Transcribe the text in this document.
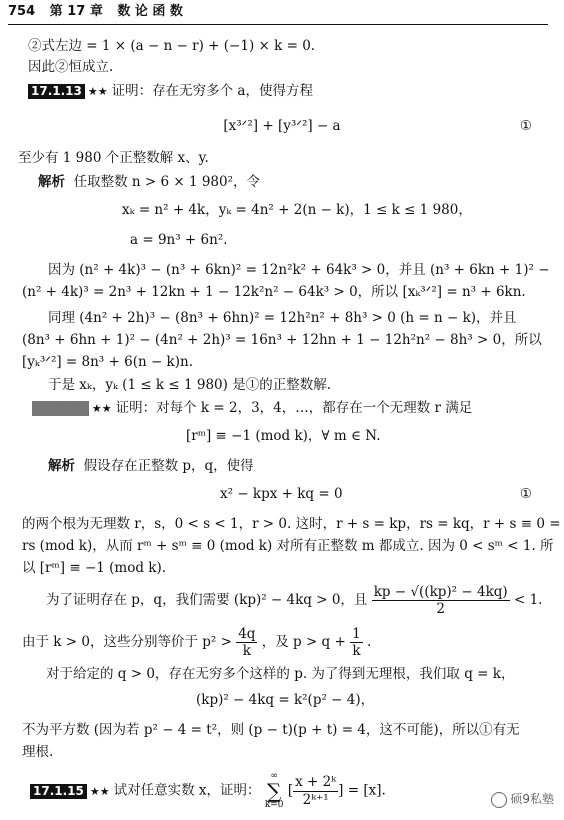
754 第 17 章 数 论 函 数
②式左边 = 1 × (a − n − r) + (−1) × k = 0.
因此②恒成立.
17.1.13 ★★ 证明：存在无穷多个 a，使得方程
[x³ᐟ²] + [y³ᐟ²] − a	①
至少有 1 980 个正整数解 x、y.
解析 任取整数 n > 6 × 1 980²，令
xₖ = n² + 4k，yₖ = 4n² + 2(n − k)，1 ≤ k ≤ 1 980，
a = 9n³ + 6n².
因为 (n² + 4k)³ − (n³ + 6kn)² = 12n²k² + 64k³ > 0，并且 (n³ + 6kn + 1)² −
(n² + 4k)³ = 2n³ + 12kn + 1 − 12k²n² − 64k³ > 0，所以 [xₖ³ᐟ²] = n³ + 6kn.
同理 (4n² + 2h)³ − (8n³ + 6hn)² = 12h²n² + 8h³ > 0 (h = n − k)，并且
(8n³ + 6hn + 1)² − (4n² + 2h)³ = 16n³ + 12hn + 1 − 12h²n² − 8h³ > 0，所以
[yₖ³ᐟ²] = 8n³ + 6(n − k)n.
于是 xₖ，yₖ (1 ≤ k ≤ 1 980) 是①的正整数解.
17.1.14 ★★ 证明：对每个 k = 2，3，4，…，都存在一个无理数 r 满足
[rᵐ] ≡ −1 (mod k)，∀ m ∈ N.
解析 假设存在正整数 p，q，使得
x² − kpx + kq = 0	①
的两个根为无理数 r，s，0 < s < 1，r > 0. 这时，r + s = kp，rs = kq，r + s ≡ 0 =
rs (mod k)，从而 rᵐ + sᵐ ≡ 0 (mod k) 对所有正整数 m 都成立. 因为 0 < sᵐ < 1. 所
以 [rᵐ] ≡ −1 (mod k).
为了证明存在 p，q，我们需要 (kp)² − 4kq > 0，且 $\frac{\text{kp − √((kp)² − 4kq)}}{2} < 1$.
由于 k > 0，这些分别等价于 $p^2 > \frac{4q}{k}$ ，及 $p > q + \frac{1}{k}$ .
对于给定的 q > 0，存在无穷多个这样的 p. 为了得到无理根，我们取 q = k，
(kp)² − 4kq = k²(p² − 4)，
不为平方数 (因为若 p² − 4 = t²，则 (p − t)(p + t) = 4，这不可能)，所以①有无
理根.
17.1.15 ★★ 试对任意实数 x，证明：
∞
∑
k=0
[ $\frac{\text{x + 2ᵏ}}{\text{2ᵏ⁺¹}}$ ] = [x].
硕9私塾
